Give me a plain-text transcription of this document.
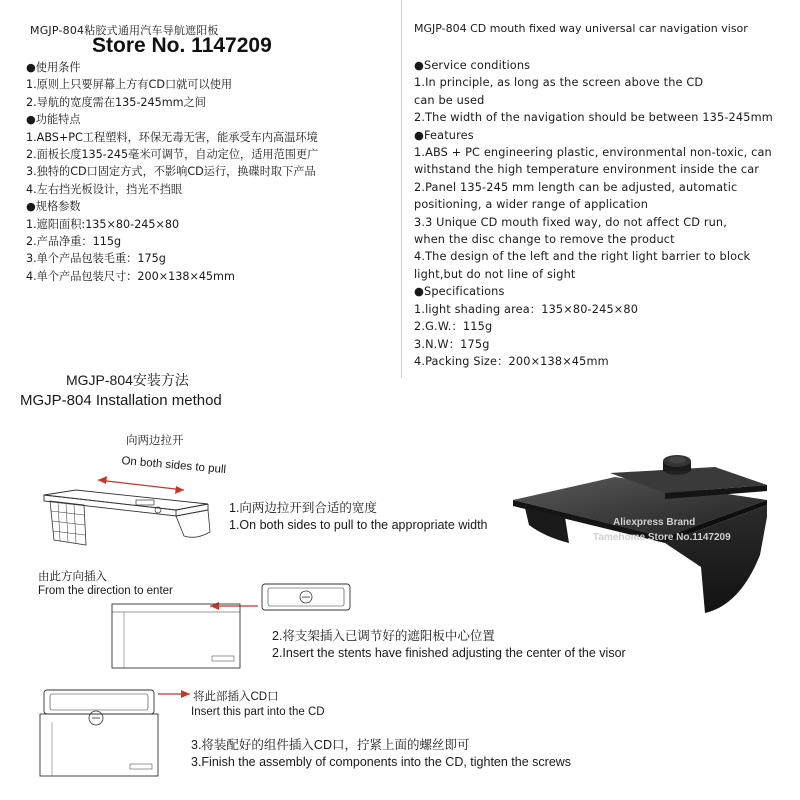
MGJP-804粘胶式通用汽车导航遮阳板
Store No. 1147209
●使用条件
1.原则上只要屏幕上方有CD口就可以使用
2.导航的宽度需在135-245mm之间
●功能特点
1.ABS+PC工程塑料，环保无毒无害，能承受车内高温环境
2.面板长度135-245毫米可调节，自动定位，适用范围更广
3.独特的CD口固定方式，不影响CD运行，换碟时取下产品
4.左右挡光板设计，挡光不挡眼
●规格参数
1.遮阳面积:135×80-245×80
2.产品净重：115g
3.单个产品包装毛重：175g
4.单个产品包装尺寸：200×138×45mm
MGJP-804 CD mouth fixed way universal car navigation visor
●Service conditions
1.In principle, as long as the screen above the CD
can be used
2.The width of the navigation should be between 135-245mm
●Features
1.ABS + PC engineering plastic, environmental non-toxic, can
withstand the high temperature environment inside the car
2.Panel 135-245 mm length can be adjusted, automatic
positioning, a wider range of application
3.3 Unique CD mouth fixed way, do not affect CD run,
when the disc change to remove the product
4.The design of the left and the right light barrier to block
light,but do not line of sight
●Specifications
1.light shading area：135×80-245×80
2.G.W.：115g
3.N.W：175g
4.Packing Size：200×138×45mm
MGJP-804安装方法
MGJP-804 Installation method
向两边拉开
On both sides to pull
1.向两边拉开到合适的宽度
1.On both sides to pull to the appropriate width
由此方向插入
From the direction to enter
2.将支架插入已调节好的遮阳板中心位置
2.Insert the stents have finished adjusting the center of the visor
将此部插入CD口
Insert this part into the CD
3.将装配好的组件插入CD口，拧紧上面的螺丝即可
3.Finish the assembly of components into the CD, tighten the screws
Aliexpress Brand
Tamehome Store No.1147209
